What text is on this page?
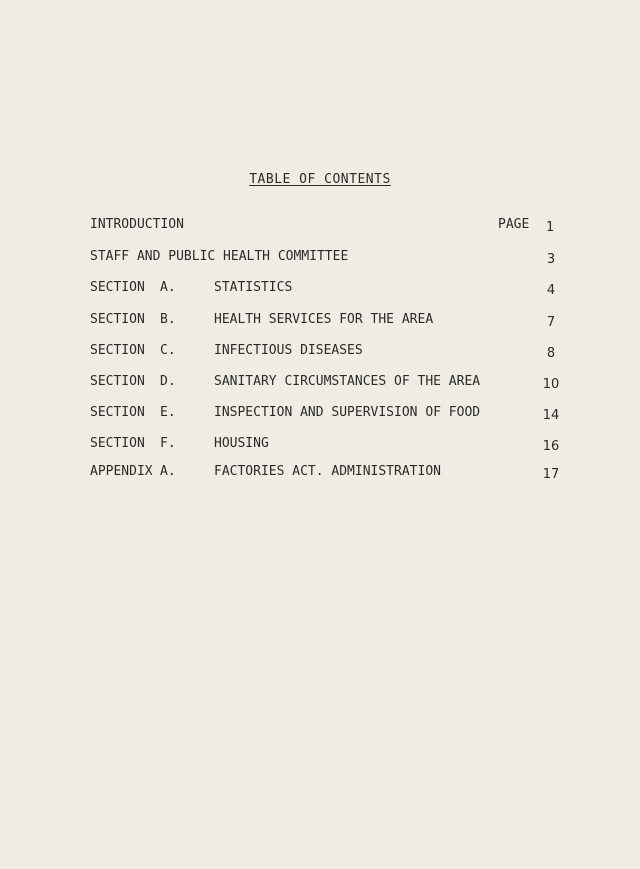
TABLE OF CONTENTS
INTRODUCTION	PAGE 1
STAFF AND PUBLIC HEALTH COMMITTEE	3
SECTION A.	STATISTICS	4
SECTION B.	HEALTH SERVICES FOR THE AREA	7
SECTION C.	INFECTIOUS DISEASES	8
SECTION D.	SANITARY CIRCUMSTANCES OF THE AREA	10
SECTION E.	INSPECTION AND SUPERVISION OF FOOD	14
SECTION F.	HOUSING	16
APPENDIX A.	FACTORIES ACT. ADMINISTRATION	17
